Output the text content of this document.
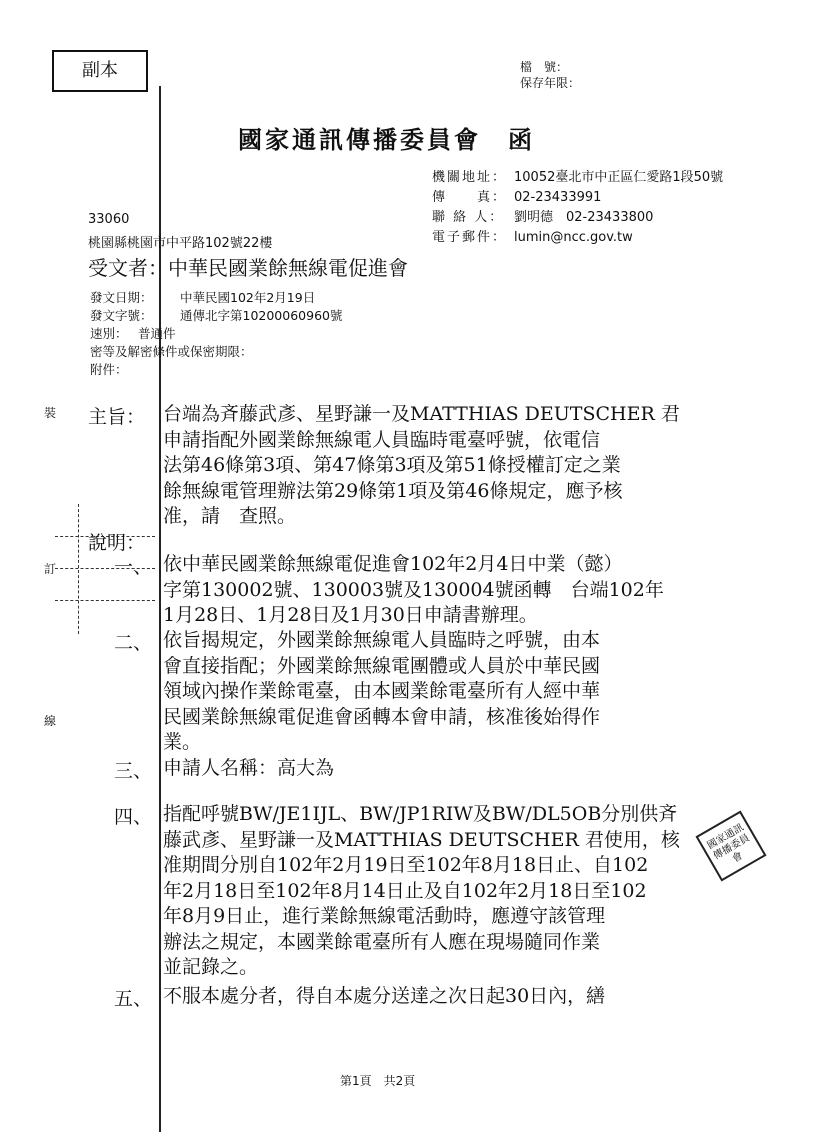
副本	檔　號：
保存年限：
國家通訊傳播委員會　函
機關地址： 10052臺北市中正區仁愛路1段50號
傳　　真： 02-23433991
聯 絡 人： 劉明德　02-23433800
電子郵件： lumin@ncc.gov.tw
33060
桃園縣桃園市中平路102號22樓
受文者：中華民國業餘無線電促進會
發文日期： 中華民國102年2月19日
發文字號： 通傳北字第10200060960號
速別： 普通件
密等及解密條件或保密期限：
附件：
裝
訂
線
主旨： 台端為斉藤武彥、星野謙一及MATTHIAS DEUTSCHER 君
申請指配外國業餘無線電人員臨時電臺呼號，依電信
法第46條第3項、第47條第3項及第51條授權訂定之業
餘無線電管理辦法第29條第1項及第46條規定，應予核
准，請　查照。
說明：
一、 依中華民國業餘無線電促進會102年2月4日中業（懿）
字第130002號、130003號及130004號函轉　台端102年
1月28日、1月28日及1月30日申請書辦理。
二、 依旨揭規定，外國業餘無線電人員臨時之呼號，由本
會直接指配；外國業餘無線電團體或人員於中華民國
領域內操作業餘電臺，由本國業餘電臺所有人經中華
民國業餘無線電促進會函轉本會申請，核准後始得作
業。
三、 申請人名稱：高大為
四、 指配呼號BW/JE1IJL、BW/JP1RIW及BW/DL5OB分別供斉
藤武彥、星野謙一及MATTHIAS DEUTSCHER 君使用，核
准期間分別自102年2月19日至102年8月18日止、自102
年2月18日至102年8月14日止及自102年2月18日至102
年8月9日止，進行業餘無線電活動時，應遵守該管理
辦法之規定，本國業餘電臺所有人應在現場隨同作業
並記錄之。
五、 不服本處分者，得自本處分送達之次日起30日內，繕
國家通訊傳播委員會
第1頁　共2頁
